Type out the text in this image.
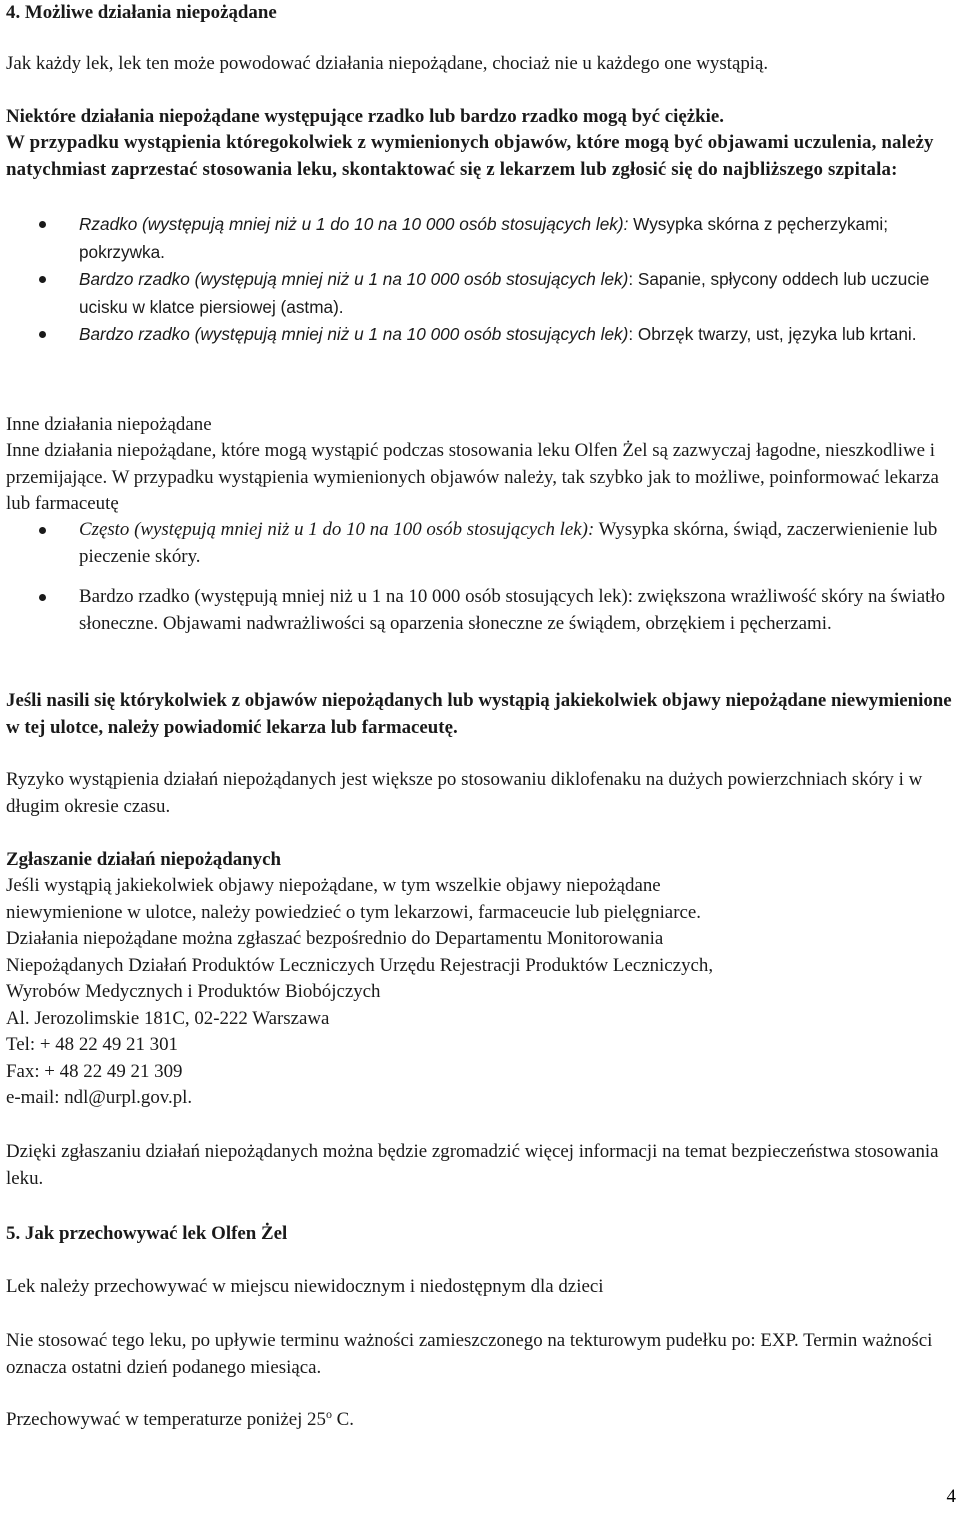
4. Możliwe działania niepożądane

Jak każdy lek, lek ten może powodować działania niepożądane, chociaż nie u każdego one wystąpią.

Niektóre działania niepożądane występujące rzadko lub bardzo rzadko mogą być ciężkie.

W przypadku wystąpienia któregokolwiek z wymienionych objawów, które mogą być objawami uczulenia, należy natychmiast zaprzestać stosowania leku, skontaktować się z lekarzem lub zgłosić się do najbliższego szpitala:

Rzadko (występują mniej niż u 1 do 10 na 10 000 osób stosujących lek): Wysypka skórna z pęcherzykami; pokrzywka.
Bardzo rzadko (występują mniej niż u 1 na 10 000 osób stosujących lek): Sapanie, spłycony oddech lub uczucie ucisku w klatce piersiowej (astma).
Bardzo rzadko (występują mniej niż u 1 na 10 000 osób stosujących lek): Obrzęk twarzy, ust, języka lub krtani.

Inne działania niepożądane

Inne działania niepożądane, które mogą wystąpić podczas stosowania leku Olfen Żel są zazwyczaj łagodne, nieszkodliwe i przemijające. W przypadku wystąpienia wymienionych objawów należy, tak szybko jak to możliwe, poinformować lekarza lub farmaceutę

Często (występują mniej niż u 1 do 10 na 100 osób stosujących lek): Wysypka skórna, świąd, zaczerwienienie lub pieczenie skóry.
Bardzo rzadko (występują mniej niż u 1 na 10 000 osób stosujących lek): zwiększona wrażliwość skóry na światło słoneczne. Objawami nadwrażliwości są oparzenia słoneczne ze świądem, obrzękiem i pęcherzami.

Jeśli nasili się którykolwiek z objawów niepożądanych lub wystąpią jakiekolwiek objawy niepożądane niewymienione w tej ulotce, należy powiadomić lekarza lub farmaceutę.

Ryzyko wystąpienia działań niepożądanych jest większe po stosowaniu diklofenaku na dużych powierzchniach skóry i w długim okresie czasu.

Zgłaszanie działań niepożądanych

Jeśli wystąpią jakiekolwiek objawy niepożądane, w tym wszelkie objawy niepożądane
niewymienione w ulotce, należy powiedzieć o tym lekarzowi, farmaceucie lub pielęgniarce.
Działania niepożądane można zgłaszać bezpośrednio do Departamentu Monitorowania
Niepożądanych Działań Produktów Leczniczych Urzędu Rejestracji Produktów Leczniczych,
Wyrobów Medycznych i Produktów Biobójczych
Al. Jerozolimskie 181C, 02-222 Warszawa
Tel: + 48 22 49 21 301
Fax: + 48 22 49 21 309
e-mail: ndl@urpl.gov.pl.

Dzięki zgłaszaniu działań niepożądanych można będzie zgromadzić więcej informacji na temat bezpieczeństwa stosowania leku.

5. Jak przechowywać lek Olfen Żel

Lek należy przechowywać w miejscu niewidocznym i niedostępnym dla dzieci

Nie stosować tego leku, po upływie terminu ważności zamieszczonego na tekturowym pudełku po: EXP. Termin ważności oznacza ostatni dzień podanego miesiąca.

Przechowywać w temperaturze poniżej 25$^o$ C.

4
